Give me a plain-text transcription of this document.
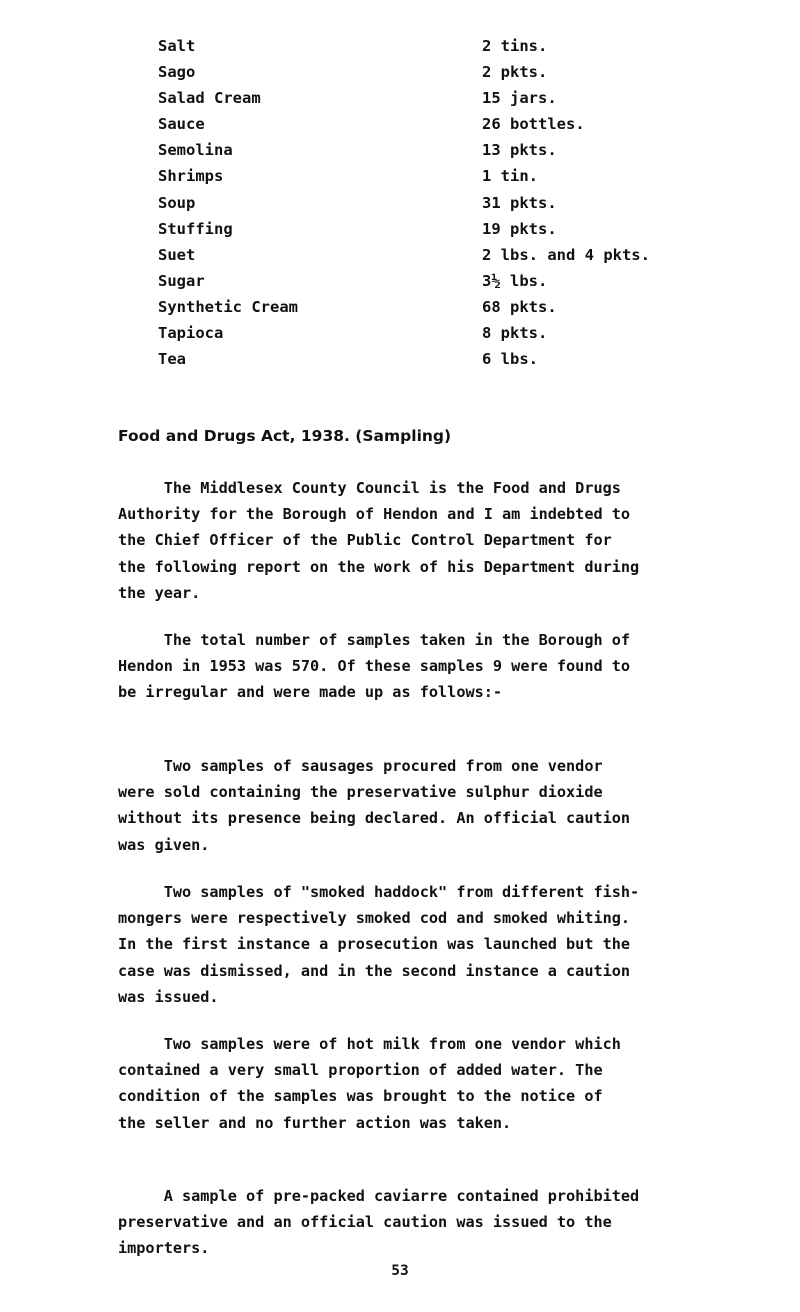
Salt	2 tins.
Sago	2 pkts.
Salad Cream	15 jars.
Sauce	26 bottles.
Semolina	13 pkts.
Shrimps	1 tin.
Soup	31 pkts.
Stuffing	19 pkts.
Suet	2 lbs. and 4 pkts.
Sugar	3½ lbs.
Synthetic Cream	68 pkts.
Tapioca	8 pkts.
Tea	6 lbs.
Food and Drugs Act, 1938. (Sampling)
The Middlesex County Council is the Food and Drugs
Authority for the Borough of Hendon and I am indebted to
the Chief Officer of the Public Control Department for
the following report on the work of his Department during
the year.
The total number of samples taken in the Borough of
Hendon in 1953 was 570. Of these samples 9 were found to
be irregular and were made up as follows:-
Two samples of sausages procured from one vendor
were sold containing the preservative sulphur dioxide
without its presence being declared. An official caution
was given.
Two samples of "smoked haddock" from different fish-
mongers were respectively smoked cod and smoked whiting.
In the first instance a prosecution was launched but the
case was dismissed, and in the second instance a caution
was issued.
Two samples were of hot milk from one vendor which
contained a very small proportion of added water. The
condition of the samples was brought to the notice of
the seller and no further action was taken.
A sample of pre-packed caviarre contained prohibited
preservative and an official caution was issued to the
importers.
53
